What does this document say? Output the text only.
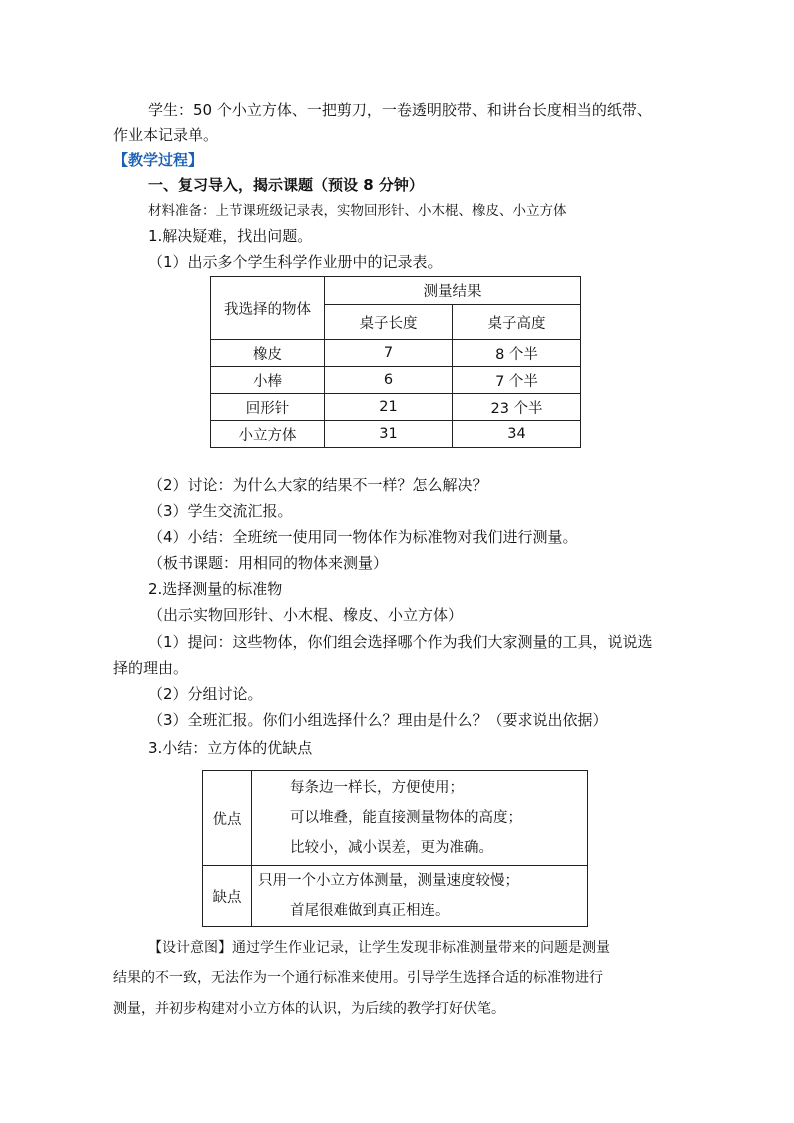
学生：50 个小立方体、一把剪刀，一卷透明胶带、和讲台长度相当的纸带、
作业本记录单。
【教学过程】
一、复习导入，揭示课题（预设 8 分钟）
材料准备：上节课班级记录表，实物回形针、小木棍、橡皮、小立方体
1.解决疑难，找出问题。
（1）出示多个学生科学作业册中的记录表。
我选择的物体	测量结果	
	桌子长度	桌子高度
橡皮	7	8 个半
小棒	6	7 个半
回形针	21	23 个半
小立方体	31	34
（2）讨论：为什么大家的结果不一样？怎么解决？
（3）学生交流汇报。
（4）小结：全班统一使用同一物体作为标准物对我们进行测量。
（板书课题：用相同的物体来测量）
2.选择测量的标准物
（出示实物回形针、小木棍、橡皮、小立方体）
（1）提问：这些物体，你们组会选择哪个作为我们大家测量的工具，说说选
择的理由。
（2）分组讨论。
（3）全班汇报。你们小组选择什么？理由是什么？（要求说出依据）
3.小结：立方体的优缺点
优点	每条边一样长，方便使用；
可以堆叠，能直接测量物体的高度；
比较小，减小误差，更为准确。

缺点	只用一个小立方体测量，测量速度较慢；
首尾很难做到真正相连。
【设计意图】通过学生作业记录，让学生发现非标准测量带来的问题是测量
结果的不一致，无法作为一个通行标准来使用。引导学生选择合适的标准物进行
测量，并初步构建对小立方体的认识，为后续的教学打好伏笔。
